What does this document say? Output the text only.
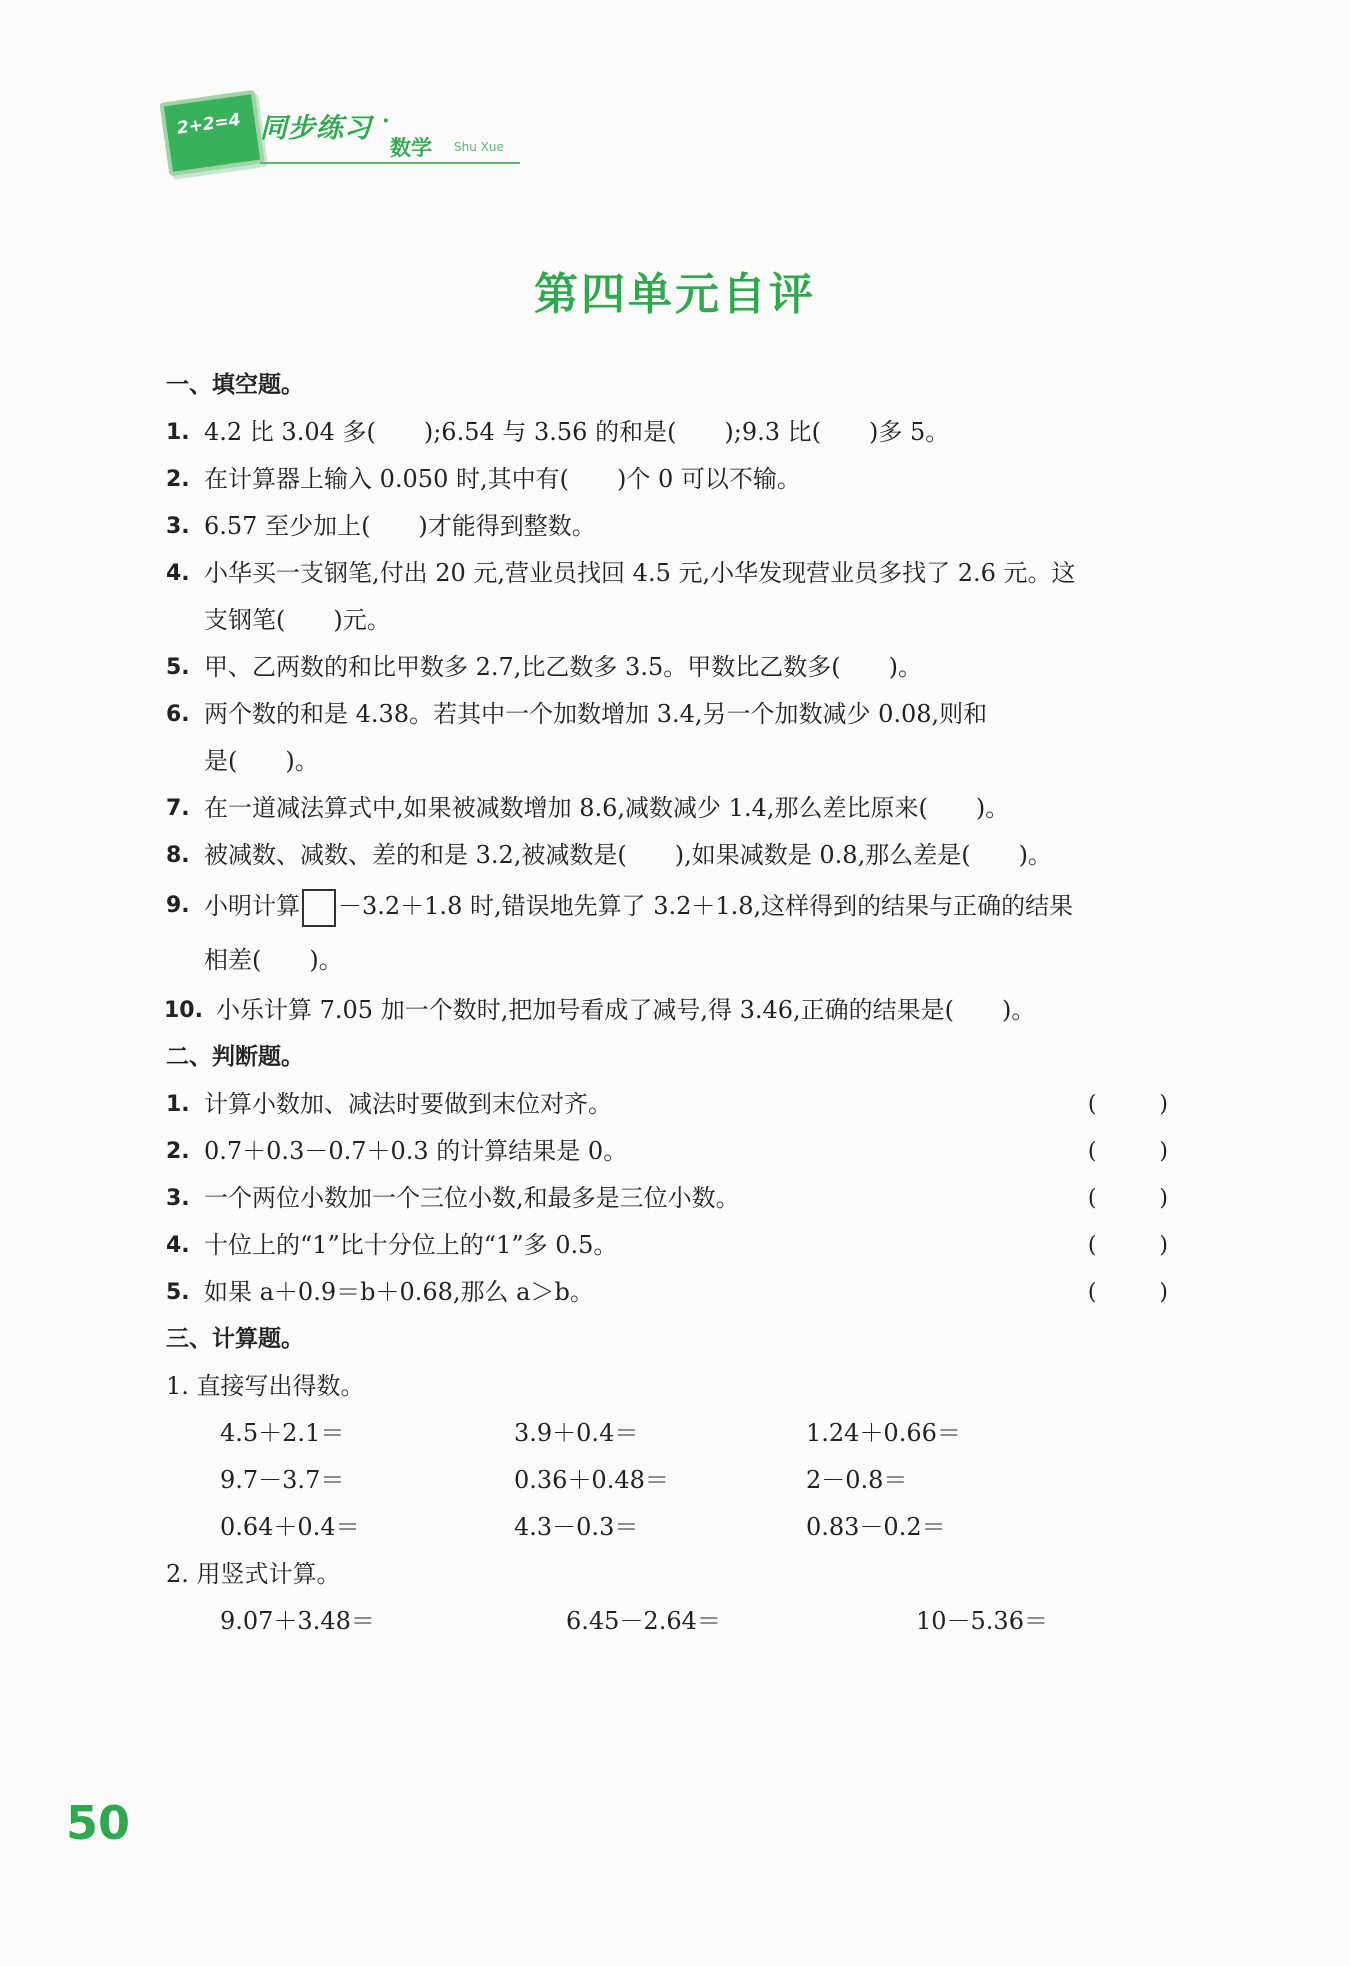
2+2=4 同步练习 ·
数学 Shu Xue
第四单元自评
一、填空题。
1. 4.2 比 3.04 多(　　);6.54 与 3.56 的和是(　　);9.3 比(　　)多 5。
2. 在计算器上输入 0.050 时,其中有(　　)个 0 可以不输。
3. 6.57 至少加上(　　)才能得到整数。
4. 小华买一支钢笔,付出 20 元,营业员找回 4.5 元,小华发现营业员多找了 2.6 元。这
支钢笔(　　)元。
5. 甲、乙两数的和比甲数多 2.7,比乙数多 3.5。甲数比乙数多(　　)。
6. 两个数的和是 4.38。若其中一个加数增加 3.4,另一个加数减少 0.08,则和
是(　　)。
7. 在一道减法算式中,如果被减数增加 8.6,减数减少 1.4,那么差比原来(　　)。
8. 被减数、减数、差的和是 3.2,被减数是(　　),如果减数是 0.8,那么差是(　　)。
9. 小明计算 －3.2＋1.8 时,错误地先算了 3.2＋1.8,这样得到的结果与正确的结果
相差(　　)。
10. 小乐计算 7.05 加一个数时,把加号看成了减号,得 3.46,正确的结果是(　　)。
二、判断题。
1. 计算小数加、减法时要做到末位对齐。	( )
2. 0.7＋0.3－0.7＋0.3 的计算结果是 0。	( )
3. 一个两位小数加一个三位小数,和最多是三位小数。	( )
4. 十位上的“1”比十分位上的“1”多 0.5。	( )
5. 如果 a＋0.9＝b＋0.68,那么 a＞b。	( )
三、计算题。
1. 直接写出得数。
4.5＋2.1＝	3.9＋0.4＝	1.24＋0.66＝
9.7－3.7＝	0.36＋0.48＝	2－0.8＝
0.64＋0.4＝	4.3－0.3＝	0.83－0.2＝
2. 用竖式计算。
9.07＋3.48＝	6.45－2.64＝	10－5.36＝
50
